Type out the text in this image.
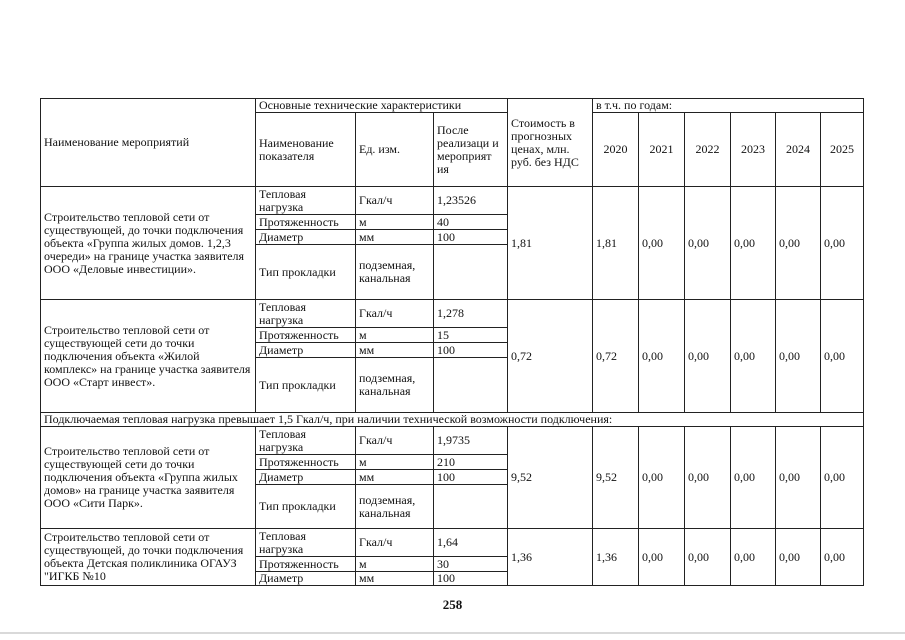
Наименование мероприятий	Основные технические характеристики			Стоимость в прогнозных ценах, млн. руб. без НДС	в т.ч. по годам:					
	Наименование показателя	Ед. изм.	После реализаци и мероприят ия		2020	2021	2022	2023	2024	2025
Строительство тепловой сети от существующей, до точки подключения объекта «Группа жилых домов. 1,2,3 очереди» на границе участка заявителя ООО «Деловые инвестиции».	Тепловая нагрузка	Гкал/ч	1,23526	1,81	1,81	0,00	0,00	0,00	0,00	0,00
	Протяженность	м	40							
	Диаметр	мм	100							
	Тип прокладки	подземная, канальная								
Строительство тепловой сети от существующей сети до точки подключения объекта «Жилой комплекс» на границе участка заявителя ООО «Старт инвест».	Тепловая нагрузка	Гкал/ч	1,278	0,72	0,72	0,00	0,00	0,00	0,00	0,00
	Протяженность	м	15							
	Диаметр	мм	100							
	Тип прокладки	подземная, канальная								
Подключаемая тепловая нагрузка превышает 1,5 Гкал/ч, при наличии технической возможности подключения:										
Строительство тепловой сети от существующей сети до точки подключения объекта «Группа жилых домов» на границе участка заявителя ООО «Сити Парк».	Тепловая нагрузка	Гкал/ч	1,9735	9,52	9,52	0,00	0,00	0,00	0,00	0,00
	Протяженность	м	210							
	Диаметр	мм	100							
	Тип прокладки	подземная, канальная								
Строительство тепловой сети от существующей, до точки подключения объекта Детская поликлиника ОГАУЗ "ИГКБ №10	Тепловая нагрузка	Гкал/ч	1,64	1,36	1,36	0,00	0,00	0,00	0,00	0,00
	Протяженность	м	30							
	Диаметр	мм	100							
258
